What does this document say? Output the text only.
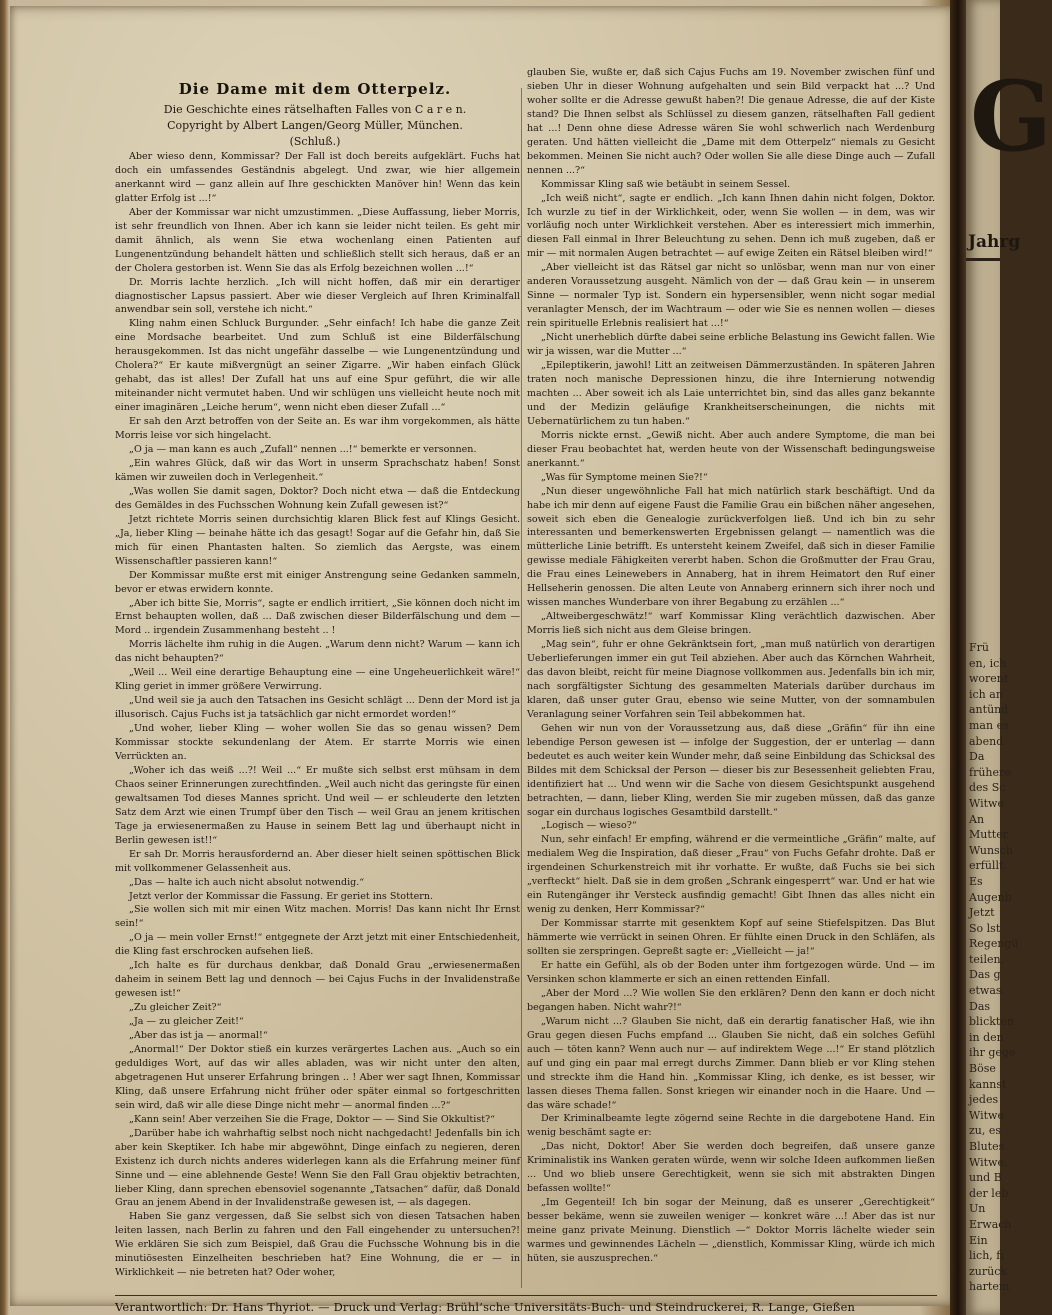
G
Jahrg
Frü
en, ich
worent
ich an
antünd
man es
abend
Da
frühere
des Sc
Witwe
An
Mutter
Wunsch
erfüllt.
Es
Augenb
Jetzt
So lst
Regengü
teilen,
Das g
etwas.
Das
blickten
in den
ihr gege
Böse
kannst
jedes
Witwe
zu, es
Blutes
Witwe.
und B
der leb
Un
Erwach
Ein
lich, fi
zurück
hartem
Die Dame mit dem Otterpelz.
Die Geschichte eines rätselhaften Falles von C a r e n.
Copyright by Albert Langen/Georg Müller, München.
(Schluß.)

Aber wieso denn, Kommissar? Der Fall ist doch bereits aufgeklärt. Fuchs hat doch ein umfassendes Geständnis abgelegt. Und zwar, wie hier allgemein anerkannt wird — ganz allein auf Ihre geschickten Manöver hin! Wenn das kein glatter Erfolg ist ...!“

Aber der Kommissar war nicht umzustimmen. „Diese Auffassung, lieber Morris, ist sehr freundlich von Ihnen. Aber ich kann sie leider nicht teilen. Es geht mir damit ähnlich, als wenn Sie etwa wochenlang einen Patienten auf Lungenentzündung behandelt hätten und schließlich stellt sich heraus, daß er an der Cholera gestorben ist. Wenn Sie das als Erfolg bezeichnen wollen ...!“

Dr. Morris lachte herzlich. „Ich will nicht hoffen, daß mir ein derartiger diagnostischer Lapsus passiert. Aber wie dieser Vergleich auf Ihren Kriminalfall anwendbar sein soll, verstehe ich nicht.“

Kling nahm einen Schluck Burgunder. „Sehr einfach! Ich habe die ganze Zeit eine Mordsache bearbeitet. Und zum Schluß ist eine Bilderfälschung herausgekommen. Ist das nicht ungefähr dasselbe — wie Lungenentzündung und Cholera?“ Er kaute mißvergnügt an seiner Zigarre. „Wir haben einfach Glück gehabt, das ist alles! Der Zufall hat uns auf eine Spur geführt, die wir alle miteinander nicht vermutet haben. Und wir schlügen uns vielleicht heute noch mit einer imaginären „Leiche herum“, wenn nicht eben dieser Zufall ...“

Er sah den Arzt betroffen von der Seite an. Es war ihm vorgekommen, als hätte Morris leise vor sich hingelacht.

„O ja — man kann es auch „Zufall“ nennen ...!“ bemerkte er versonnen.

„Ein wahres Glück, daß wir das Wort in unserm Sprachschatz haben! Sonst kämen wir zuweilen doch in Verlegenheit.“

„Was wollen Sie damit sagen, Doktor? Doch nicht etwa — daß die Entdeckung des Gemäldes in des Fuchsschen Wohnung kein Zufall gewesen ist?“

Jetzt richtete Morris seinen durchsichtig klaren Blick fest auf Klings Gesicht. „Ja, lieber Kling — beinahe hätte ich das gesagt! Sogar auf die Gefahr hin, daß Sie mich für einen Phantasten halten. So ziemlich das Aergste, was einem Wissenschaftler passieren kann!“

Der Kommissar mußte erst mit einiger Anstrengung seine Gedanken sammeln, bevor er etwas erwidern konnte.

„Aber ich bitte Sie, Morris“, sagte er endlich irritiert, „Sie können doch nicht im Ernst behaupten wollen, daß ... Daß zwischen dieser Bilderfälschung und dem — Mord .. irgendein Zusammenhang besteht .. !

Morris lächelte ihm ruhig in die Augen. „Warum denn nicht? Warum — kann ich das nicht behaupten?“

„Weil ... Weil eine derartige Behauptung eine — eine Ungeheuerlichkeit wäre!“ Kling geriet in immer größere Verwirrung.

„Und weil sie ja auch den Tatsachen ins Gesicht schlägt ... Denn der Mord ist ja illusorisch. Cajus Fuchs ist ja tatsächlich gar nicht ermordet worden!“

„Und woher, lieber Kling — woher wollen Sie das so genau wissen? Dem Kommissar stockte sekundenlang der Atem. Er starrte Morris wie einen Verrückten an.

„Woher ich das weiß ...?! Weil ...“ Er mußte sich selbst erst mühsam in dem Chaos seiner Erinnerungen zurechtfinden. „Weil auch nicht das geringste für einen gewaltsamen Tod dieses Mannes spricht. Und weil — er schleuderte den letzten Satz dem Arzt wie einen Trumpf über den Tisch — weil Grau an jenem kritischen Tage ja erwiesenermaßen zu Hause in seinem Bett lag und überhaupt nicht in Berlin gewesen ist!!“

Er sah Dr. Morris herausfordernd an. Aber dieser hielt seinen spöttischen Blick mit vollkommener Gelassenheit aus.

„Das — halte ich auch nicht absolut notwendig.“

Jetzt verlor der Kommissar die Fassung. Er geriet ins Stottern.

„Sie wollen sich mit mir einen Witz machen. Morris! Das kann nicht Ihr Ernst sein!“

„O ja — mein voller Ernst!“ entgegnete der Arzt jetzt mit einer Entschiedenheit, die Kling fast erschrocken aufsehen ließ.

„Ich halte es für durchaus denkbar, daß Donald Grau „erwiesenermaßen daheim in seinem Bett lag und dennoch — bei Cajus Fuchs in der Invalidenstraße gewesen ist!“

„Zu gleicher Zeit?“

„Ja — zu gleicher Zeit!“

„Aber das ist ja — anormal!“

„Anormal!“ Der Doktor stieß ein kurzes verärgertes Lachen aus. „Auch so ein geduldiges Wort, auf das wir alles abladen, was wir nicht unter den alten, abgetragenen Hut unserer Erfahrung bringen .. ! Aber wer sagt Ihnen, Kommissar Kling, daß unsere Erfahrung nicht früher oder später einmal so fortgeschritten sein wird, daß wir alle diese Dinge nicht mehr — anormal finden ...?“

„Kann sein! Aber verzeihen Sie die Frage, Doktor — — Sind Sie Okkultist?“

„Darüber habe ich wahrhaftig selbst noch nicht nachgedacht! Jedenfalls bin ich aber kein Skeptiker. Ich habe mir abgewöhnt, Dinge einfach zu negieren, deren Existenz ich durch nichts anderes widerlegen kann als die Erfahrung meiner fünf Sinne und — eine ablehnende Geste! Wenn Sie den Fall Grau objektiv betrachten, lieber Kling, dann sprechen ebensoviel sogenannte „Tatsachen“ dafür, daß Donald Grau an jenem Abend in der Invalidenstraße gewesen ist, — als dagegen.

Haben Sie ganz vergessen, daß Sie selbst sich von diesen Tatsachen haben leiten lassen, nach Berlin zu fahren und den Fall eingehender zu untersuchen?! Wie erklären Sie sich zum Beispiel, daß Grau die Fuchssche Wohnung bis in die minutiösesten Einzelheiten beschrieben hat? Eine Wohnung, die er — in Wirklichkeit — nie betreten hat? Oder woher,

glauben Sie, wußte er, daß sich Cajus Fuchs am 19. November zwischen fünf und sieben Uhr in dieser Wohnung aufgehalten und sein Bild verpackt hat ...? Und woher sollte er die Adresse gewußt haben?! Die genaue Adresse, die auf der Kiste stand? Die Ihnen selbst als Schlüssel zu diesem ganzen, rätselhaften Fall gedient hat ...! Denn ohne diese Adresse wären Sie wohl schwerlich nach Werdenburg geraten. Und hätten vielleicht die „Dame mit dem Otterpelz“ niemals zu Gesicht bekommen. Meinen Sie nicht auch? Oder wollen Sie alle diese Dinge auch — Zufall nennen ...?“

Kommissar Kling saß wie betäubt in seinem Sessel.

„Ich weiß nicht“, sagte er endlich. „Ich kann Ihnen dahin nicht folgen, Doktor. Ich wurzle zu tief in der Wirklichkeit, oder, wenn Sie wollen — in dem, was wir vorläufig noch unter Wirklichkeit verstehen. Aber es interessiert mich immerhin, diesen Fall einmal in Ihrer Beleuchtung zu sehen. Denn ich muß zugeben, daß er mir — mit normalen Augen betrachtet — auf ewige Zeiten ein Rätsel bleiben wird!“

„Aber vielleicht ist das Rätsel gar nicht so unlösbar, wenn man nur von einer anderen Voraussetzung ausgeht. Nämlich von der — daß Grau kein — in unserem Sinne — normaler Typ ist. Sondern ein hypersensibler, wenn nicht sogar medial veranlagter Mensch, der im Wachtraum — oder wie Sie es nennen wollen — dieses rein spirituelle Erlebnis realisiert hat ...!“

„Nicht unerheblich dürfte dabei seine erbliche Belastung ins Gewicht fallen. Wie wir ja wissen, war die Mutter ...“

„Epileptikerin, jawohl! Litt an zeitweisen Dämmerzuständen. In späteren Jahren traten noch manische Depressionen hinzu, die ihre Internierung notwendig machten ... Aber soweit ich als Laie unterrichtet bin, sind das alles ganz bekannte und der Medizin geläufige Krankheitserscheinungen, die nichts mit Uebernatürlichem zu tun haben.“

Morris nickte ernst. „Gewiß nicht. Aber auch andere Symptome, die man bei dieser Frau beobachtet hat, werden heute von der Wissenschaft bedingungsweise anerkannt.“

„Was für Symptome meinen Sie?!“

„Nun dieser ungewöhnliche Fall hat mich natürlich stark beschäftigt. Und da habe ich mir denn auf eigene Faust die Familie Grau ein bißchen näher angesehen, soweit sich eben die Genealogie zurückverfolgen ließ. Und ich bin zu sehr interessanten und bemerkenswerten Ergebnissen gelangt — namentlich was die mütterliche Linie betrifft. Es untersteht keinem Zweifel, daß sich in dieser Familie gewisse mediale Fähigkeiten vererbt haben. Schon die Großmutter der Frau Grau, die Frau eines Leinewebers in Annaberg, hat in ihrem Heimatort den Ruf einer Hellseherin genossen. Die alten Leute von Annaberg erinnern sich ihrer noch und wissen manches Wunderbare von ihrer Begabung zu erzählen ...“

„Altweibergeschwätz!“ warf Kommissar Kling verächtlich dazwischen. Aber Morris ließ sich nicht aus dem Gleise bringen.

„Mag sein“, fuhr er ohne Gekränktsein fort, „man muß natürlich von derartigen Ueberlieferungen immer ein gut Teil abziehen. Aber auch das Körnchen Wahrheit, das davon bleibt, reicht für meine Diagnose vollkommen aus. Jedenfalls bin ich mir, nach sorgfältigster Sichtung des gesammelten Materials darüber durchaus im klaren, daß unser guter Grau, ebenso wie seine Mutter, von der somnambulen Veranlagung seiner Vorfahren sein Teil abbekommen hat.

Gehen wir nun von der Voraussetzung aus, daß diese „Gräfin“ für ihn eine lebendige Person gewesen ist — infolge der Suggestion, der er unterlag — dann bedeutet es auch weiter kein Wunder mehr, daß seine Einbildung das Schicksal des Bildes mit dem Schicksal der Person — dieser bis zur Besessenheit geliebten Frau, identifiziert hat ... Und wenn wir die Sache von diesem Gesichtspunkt ausgehend betrachten, — dann, lieber Kling, werden Sie mir zugeben müssen, daß das ganze sogar ein durchaus logisches Gesamtbild darstellt.“

„Logisch — wieso?“

Nun, sehr einfach! Er empfing, während er die vermeintliche „Gräfin“ malte, auf medialem Weg die Inspiration, daß dieser „Frau“ von Fuchs Gefahr drohte. Daß er irgendeinen Schurkenstreich mit ihr vorhatte. Er wußte, daß Fuchs sie bei sich „verfteckt“ hielt. Daß sie in dem großen „Schrank eingesperrt“ war. Und er hat wie ein Rutengänger ihr Versteck ausfindig gemacht! Gibt Ihnen das alles nicht ein wenig zu denken, Herr Kommissar?“

Der Kommissar starrte mit gesenktem Kopf auf seine Stiefelspitzen. Das Blut hämmerte wie verrückt in seinen Ohren. Er fühlte einen Druck in den Schläfen, als sollten sie zerspringen. Gepreßt sagte er: „Vielleicht — ja!“

Er hatte ein Gefühl, als ob der Boden unter ihm fortgezogen würde. Und — im Versinken schon klammerte er sich an einen rettenden Einfall.

„Aber der Mord ...? Wie wollen Sie den erklären? Denn den kann er doch nicht begangen haben. Nicht wahr?!“

„Warum nicht ...? Glauben Sie nicht, daß ein derartig fanatischer Haß, wie ihn Grau gegen diesen Fuchs empfand ... Glauben Sie nicht, daß ein solches Gefühl auch — töten kann? Wenn auch nur — auf indirektem Wege ...!“ Er stand plötzlich auf und ging ein paar mal erregt durchs Zimmer. Dann blieb er vor Kling stehen und streckte ihm die Hand hin. „Kommissar Kling, ich denke, es ist besser, wir lassen dieses Thema fallen. Sonst kriegen wir einander noch in die Haare. Und — das wäre schade!“

Der Kriminalbeamte legte zögernd seine Rechte in die dargebotene Hand. Ein wenig beschämt sagte er:

„Das nicht, Doktor! Aber Sie werden doch begreifen, daß unsere ganze Kriminalistik ins Wanken geraten würde, wenn wir solche Ideen aufkommen ließen ... Und wo blieb unsere Gerechtigkeit, wenn sie sich mit abstrakten Dingen befassen wollte!“

„Im Gegenteil! Ich bin sogar der Meinung, daß es unserer „Gerechtigkeit“ besser bekäme, wenn sie zuweilen weniger — konkret wäre ...! Aber das ist nur meine ganz private Meinung. Dienstlich —“ Doktor Morris lächelte wieder sein warmes und gewinnendes Lächeln — „dienstlich, Kommissar Kling, würde ich mich hüten, sie auszusprechen.“

Verantwortlich: Dr. Hans Thyriot. — Druck und Verlag: Brühl’sche Universitäts-Buch- und Steindruckerei, R. Lange, Gießen
